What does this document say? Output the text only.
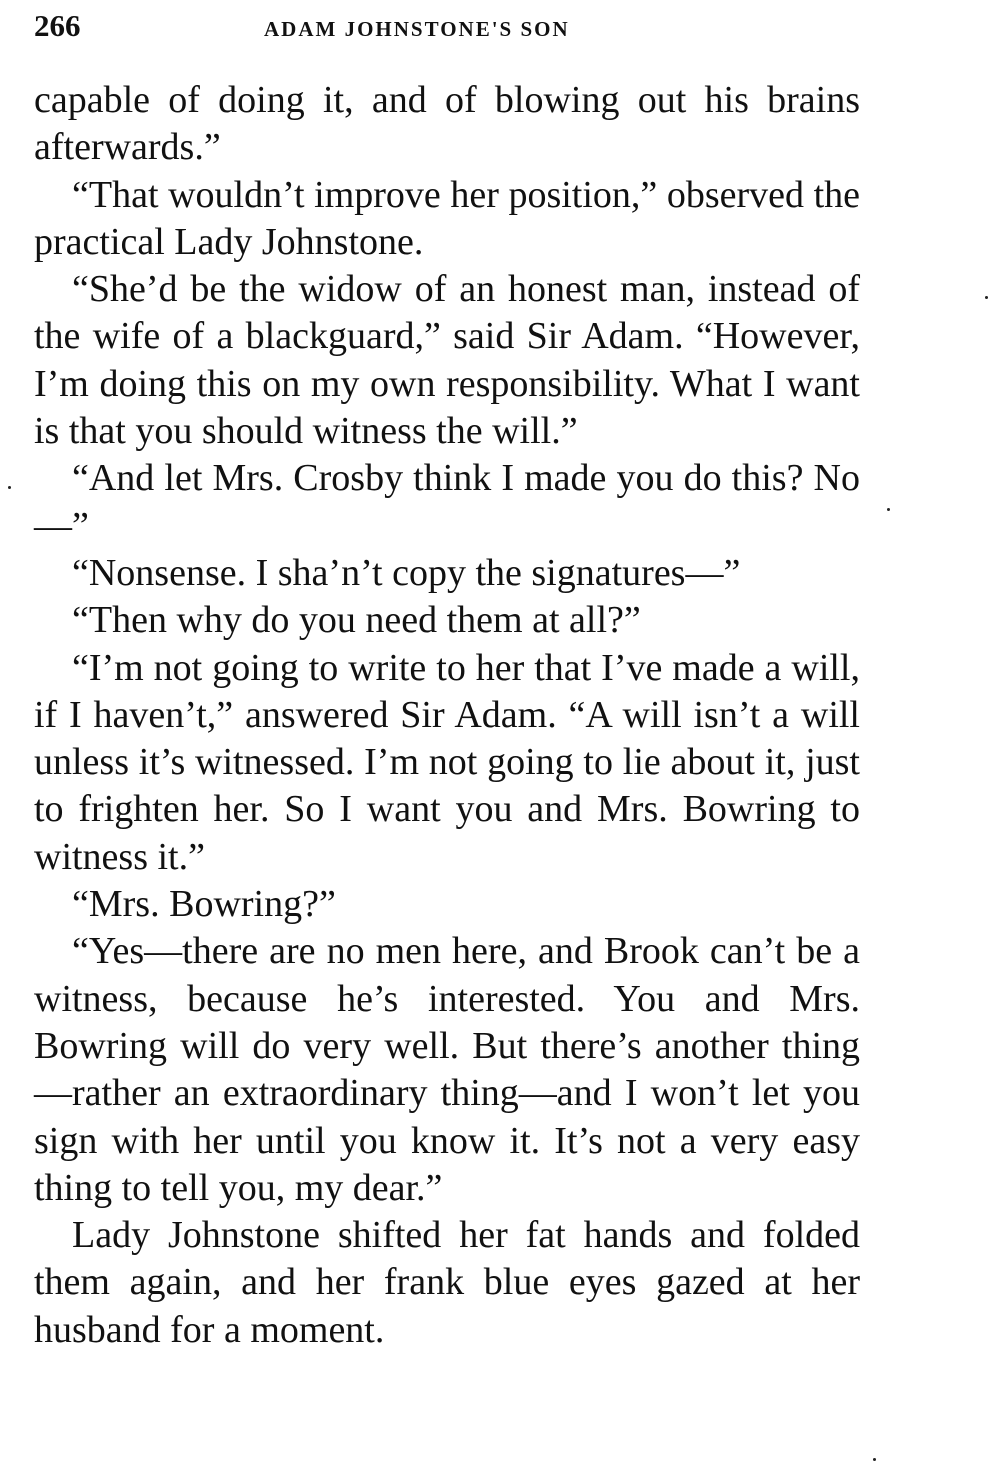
266	ADAM JOHNSTONE'S SON

capable of doing it, and of blowing out his brains afterwards.”

“That wouldn’t improve her position,” observed the practical Lady Johnstone.

“She’d be the widow of an honest man, instead of the wife of a blackguard,” said Sir Adam. “However, I’m doing this on my own responsibility. What I want is that you should witness the will.”

“And let Mrs. Crosby think I made you do this? No—”

“Nonsense. I sha’n’t copy the signatures—”

“Then why do you need them at all?”

“I’m not going to write to her that I’ve made a will, if I haven’t,” answered Sir Adam. “A will isn’t a will unless it’s witnessed. I’m not going to lie about it, just to frighten her. So I want you and Mrs. Bowring to witness it.”

“Mrs. Bowring?”

“Yes—there are no men here, and Brook can’t be a witness, because he’s interested. You and Mrs. Bowring will do very well. But there’s another thing—rather an extraordinary thing—and I won’t let you sign with her until you know it. It’s not a very easy thing to tell you, my dear.”

Lady Johnstone shifted her fat hands and folded them again, and her frank blue eyes gazed at her husband for a moment.
